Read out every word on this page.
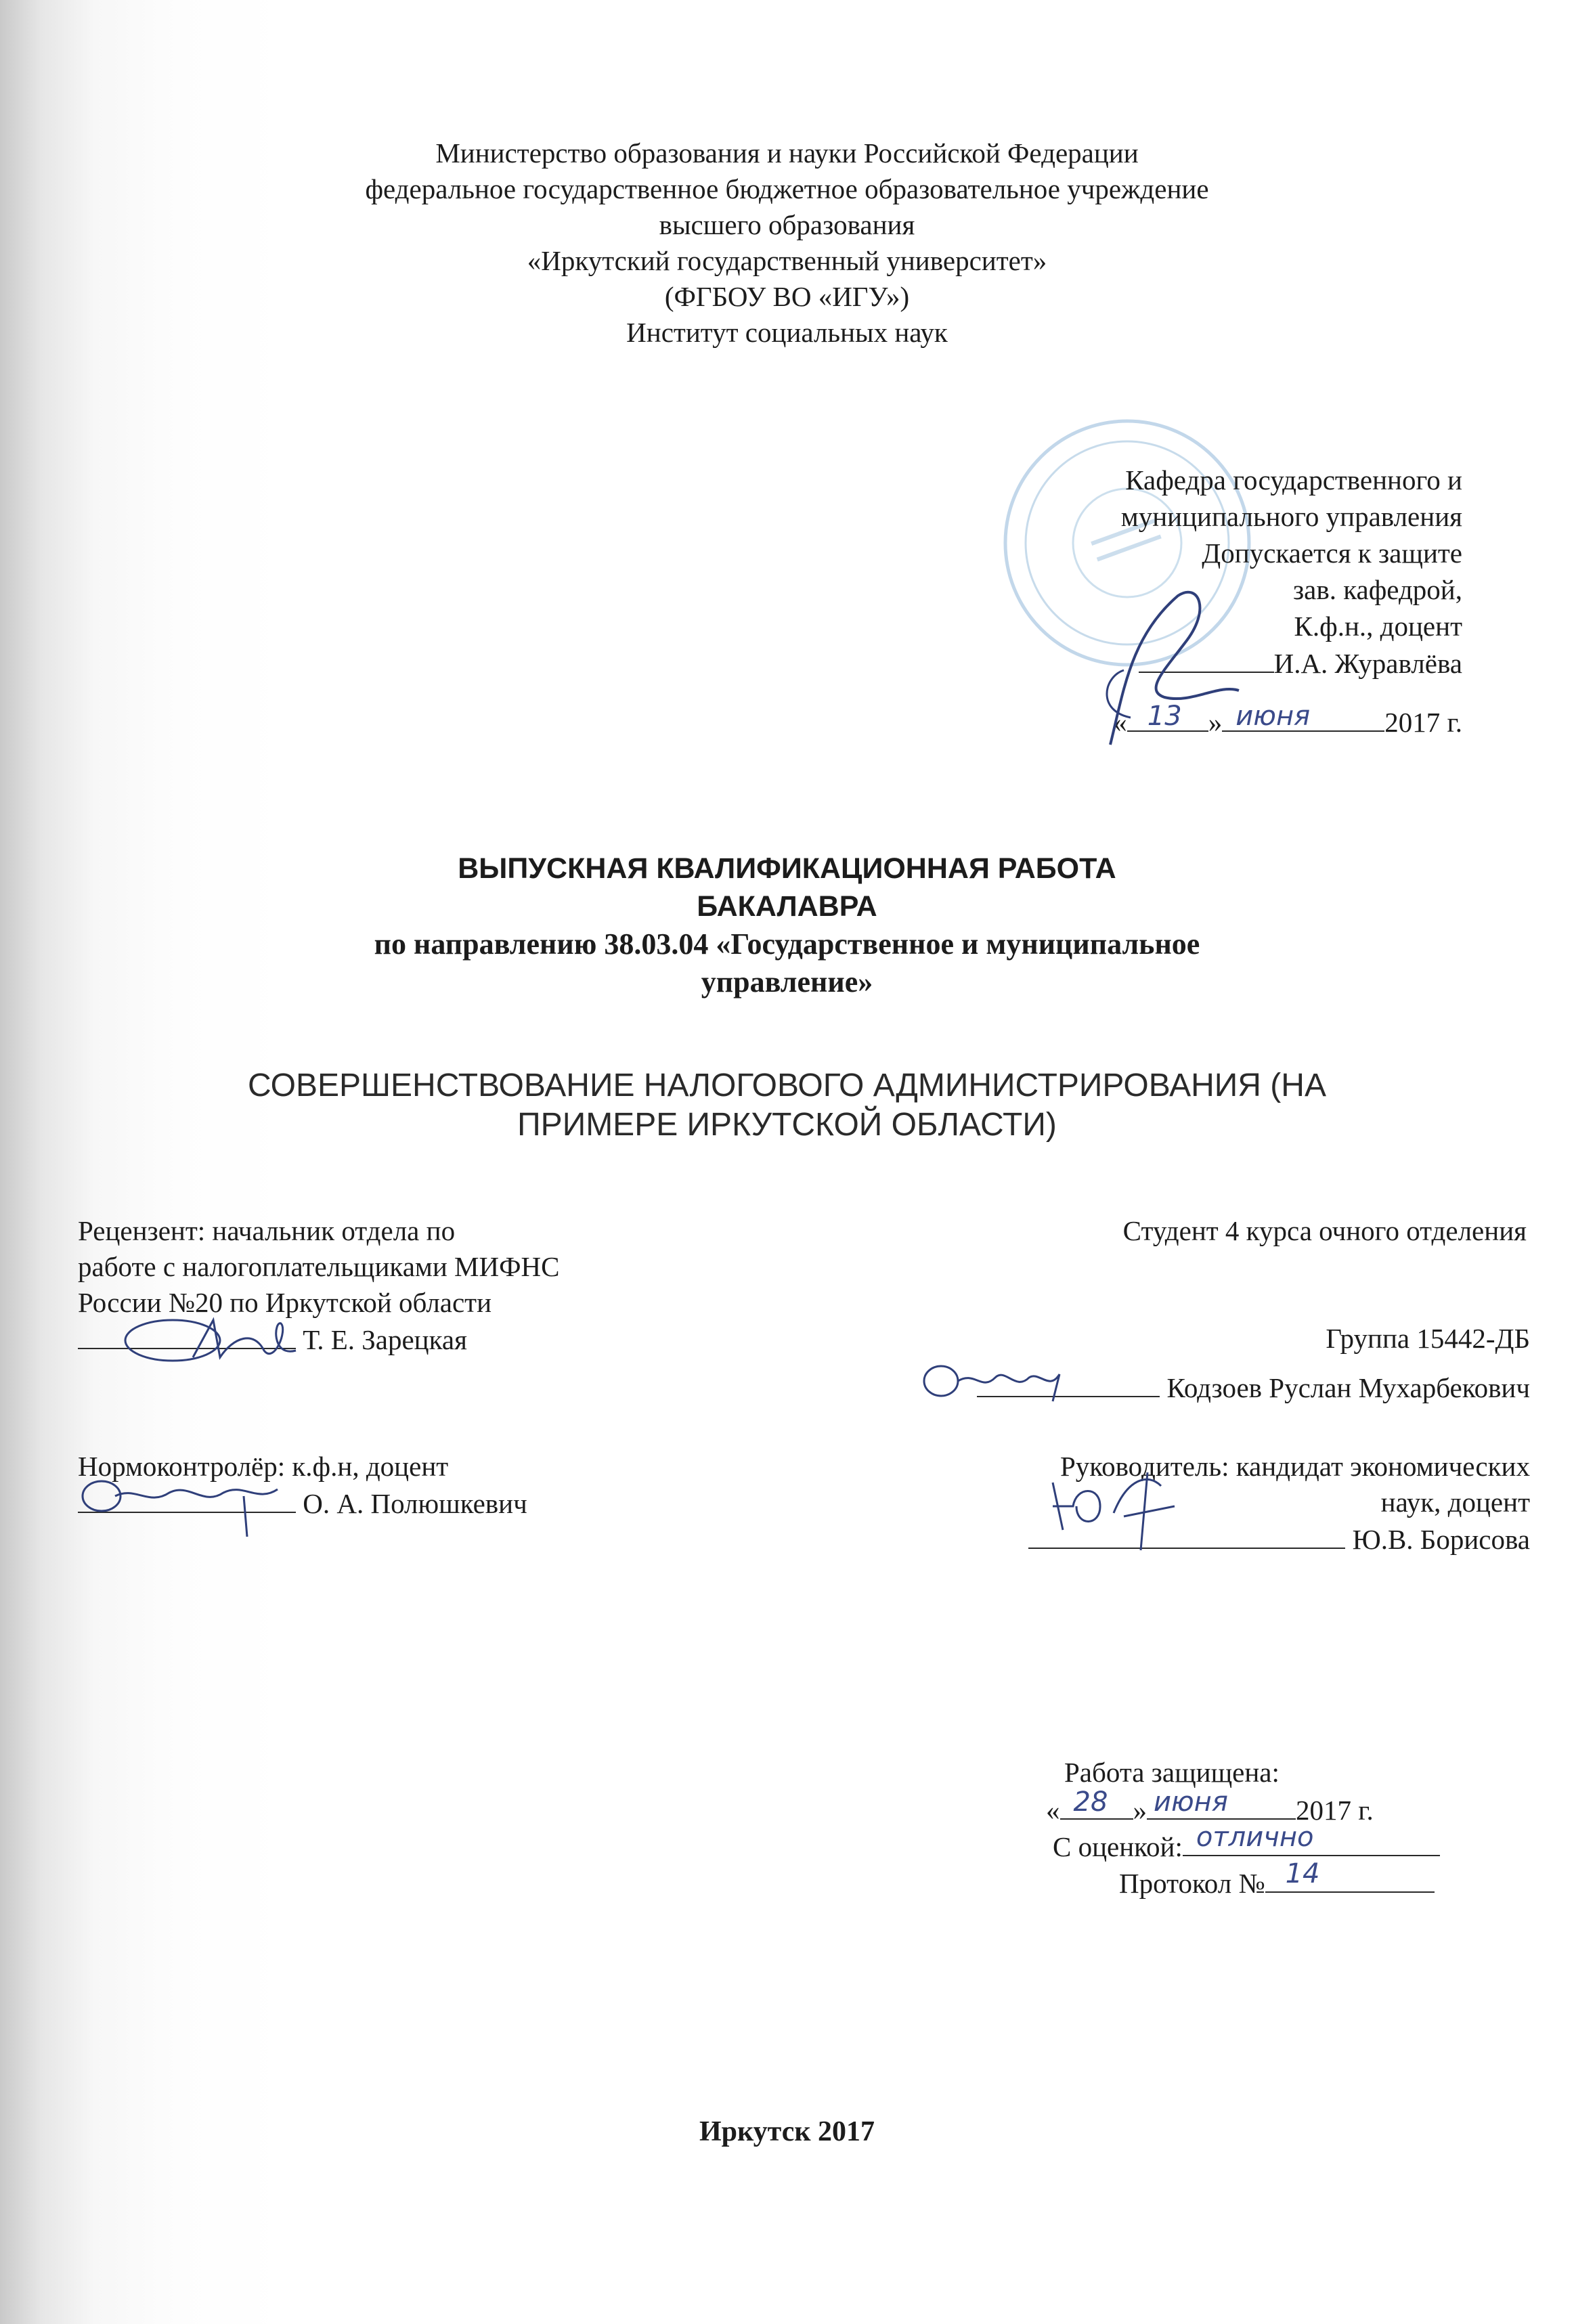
Министерство образования и науки Российской Федерации
федеральное государственное бюджетное образовательное учреждение
высшего образования
«Иркутский государственный университет»
(ФГБОУ ВО «ИГУ»)
Институт социальных наук
Кафедра государственного и
муниципального управления
Допускается к защите
зав. кафедрой,
К.ф.н., доцент
И.А. Журавлёва
« 13 » июня	2017 г.
ВЫПУСКНАЯ КВАЛИФИКАЦИОННАЯ РАБОТА
БАКАЛАВРА
по направлению 38.03.04 «Государственное и муниципальное
управление»
СОВЕРШЕНСТВОВАНИЕ НАЛОГОВОГО АДМИНИСТРИРОВАНИЯ (НА
ПРИМЕРЕ ИРКУТСКОЙ ОБЛАСТИ)
Рецензент: начальник отдела по
работе с налогоплательщиками МИФНС
России №20 по Иркутской области
Т. Е. Зарецкая
Студент 4 курса очного отделения
Группа 15442-ДБ
Кодзоев Руслан Мухарбекович
Нормоконтролёр: к.ф.н, доцент
О. А. Полюшкевич
Руководитель: кандидат экономических
наук, доцент
Ю.В. Борисова
Работа защищена:
« 28 » июня 2017 г.
С оценкой: отлично
Протокол № 14
Иркутск 2017
